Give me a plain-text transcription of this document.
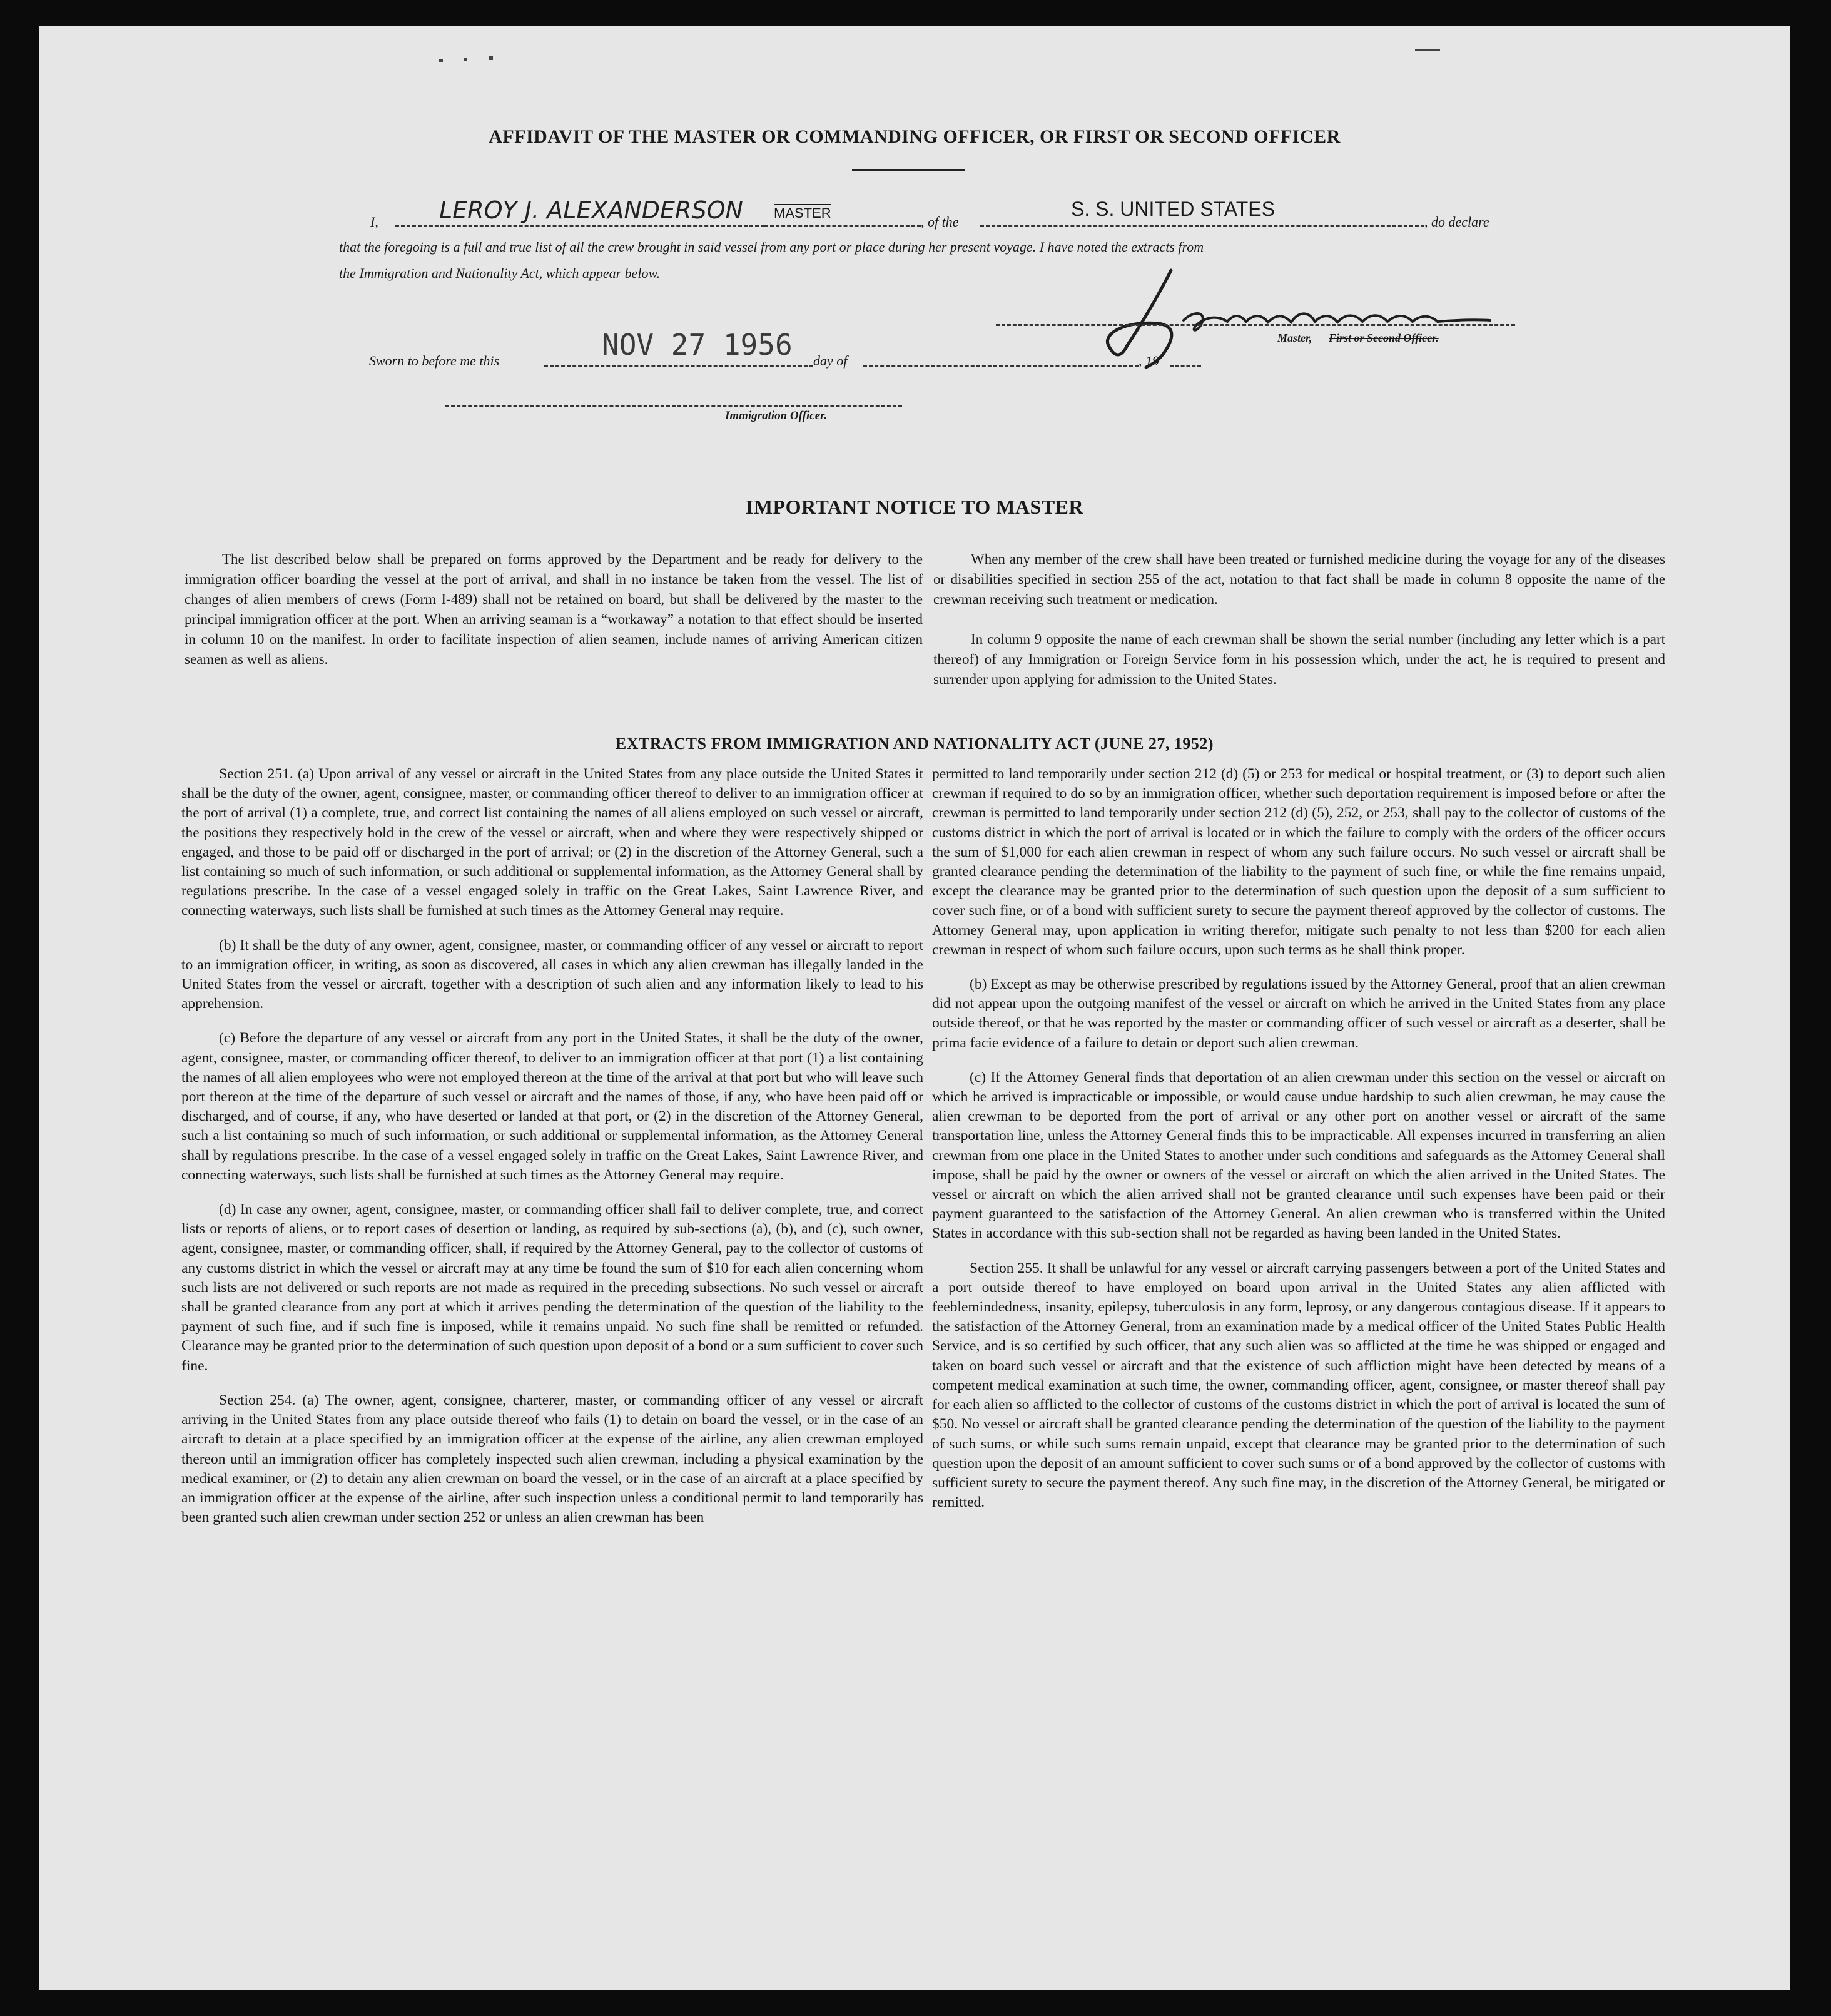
AFFIDAVIT OF THE MASTER OR COMMANDING OFFICER, OR FIRST OR SECOND OFFICER
I,	LEROY J. ALEXANDERSON MASTER
, of the
S. S. UNITED STATES
, do declare
that the foregoing is a full and true list of all the crew brought in said vessel from any port or place during her present voyage. I have noted the extracts from
the Immigration and Nationality Act, which appear below.
Master, First or Second Officer.
Sworn to before me this	NOV 27 1956 day of	, 19
Immigration Officer.
IMPORTANT NOTICE TO MASTER

The list described below shall be prepared on forms approved by the Department and be ready for delivery to the immigration officer boarding the vessel at the port of arrival, and shall in no instance be taken from the vessel. The list of changes of alien members of crews (Form I-489) shall not be retained on board, but shall be delivered by the master to the principal immigration officer at the port. When an arriving seaman is a “workaway” a notation to that effect should be inserted in column 10 on the manifest. In order to facilitate inspection of alien seamen, include names of arriving American citizen seamen as well as aliens.

When any member of the crew shall have been treated or furnished medicine during the voyage for any of the diseases or disabilities specified in section 255 of the act, notation to that fact shall be made in column 8 opposite the name of the crewman receiving such treatment or medication.

In column 9 opposite the name of each crewman shall be shown the serial number (including any letter which is a part thereof) of any Immigration or Foreign Service form in his possession which, under the act, he is required to present and surrender upon applying for admission to the United States.

EXTRACTS FROM IMMIGRATION AND NATIONALITY ACT (JUNE 27, 1952)

Section 251. (a) Upon arrival of any vessel or aircraft in the United States from any place outside the United States it shall be the duty of the owner, agent, consignee, master, or commanding officer thereof to deliver to an immigration officer at the port of arrival (1) a complete, true, and correct list containing the names of all aliens employed on such vessel or aircraft, the positions they respectively hold in the crew of the vessel or aircraft, when and where they were respectively shipped or engaged, and those to be paid off or discharged in the port of arrival; or (2) in the discretion of the Attorney General, such a list containing so much of such information, or such additional or supplemental information, as the Attorney General shall by regulations prescribe. In the case of a vessel engaged solely in traffic on the Great Lakes, Saint Lawrence River, and connecting waterways, such lists shall be furnished at such times as the Attorney General may require.

(b) It shall be the duty of any owner, agent, consignee, master, or commanding officer of any vessel or aircraft to report to an immigration officer, in writing, as soon as discovered, all cases in which any alien crewman has illegally landed in the United States from the vessel or aircraft, together with a description of such alien and any information likely to lead to his apprehension.

(c) Before the departure of any vessel or aircraft from any port in the United States, it shall be the duty of the owner, agent, consignee, master, or commanding officer thereof, to deliver to an immigration officer at that port (1) a list containing the names of all alien employees who were not employed thereon at the time of the arrival at that port but who will leave such port thereon at the time of the departure of such vessel or aircraft and the names of those, if any, who have been paid off or discharged, and of course, if any, who have deserted or landed at that port, or (2) in the discretion of the Attorney General, such a list containing so much of such information, or such additional or supplemental information, as the Attorney General shall by regulations prescribe. In the case of a vessel engaged solely in traffic on the Great Lakes, Saint Lawrence River, and connecting waterways, such lists shall be furnished at such times as the Attorney General may require.

(d) In case any owner, agent, consignee, master, or commanding officer shall fail to deliver complete, true, and correct lists or reports of aliens, or to report cases of desertion or landing, as required by sub-sections (a), (b), and (c), such owner, agent, consignee, master, or commanding officer, shall, if required by the Attorney General, pay to the collector of customs of any customs district in which the vessel or aircraft may at any time be found the sum of $10 for each alien concerning whom such lists are not delivered or such reports are not made as required in the preceding subsections. No such vessel or aircraft shall be granted clearance from any port at which it arrives pending the determination of the question of the liability to the payment of such fine, and if such fine is imposed, while it remains unpaid. No such fine shall be remitted or refunded. Clearance may be granted prior to the determination of such question upon deposit of a bond or a sum sufficient to cover such fine.

Section 254. (a) The owner, agent, consignee, charterer, master, or commanding officer of any vessel or aircraft arriving in the United States from any place outside thereof who fails (1) to detain on board the vessel, or in the case of an aircraft to detain at a place specified by an immigration officer at the expense of the airline, any alien crewman employed thereon until an immigration officer has completely inspected such alien crewman, including a physical examination by the medical examiner, or (2) to detain any alien crewman on board the vessel, or in the case of an aircraft at a place specified by an immigration officer at the expense of the airline, after such inspection unless a conditional permit to land temporarily has been granted such alien crewman under section 252 or unless an alien crewman has been

permitted to land temporarily under section 212 (d) (5) or 253 for medical or hospital treatment, or (3) to deport such alien crewman if required to do so by an immigration officer, whether such deportation requirement is imposed before or after the crewman is permitted to land temporarily under section 212 (d) (5), 252, or 253, shall pay to the collector of customs of the customs district in which the port of arrival is located or in which the failure to comply with the orders of the officer occurs the sum of $1,000 for each alien crewman in respect of whom any such failure occurs. No such vessel or aircraft shall be granted clearance pending the determination of the liability to the payment of such fine, or while the fine remains unpaid, except the clearance may be granted prior to the determination of such question upon the deposit of a sum sufficient to cover such fine, or of a bond with sufficient surety to secure the payment thereof approved by the collector of customs. The Attorney General may, upon application in writing therefor, mitigate such penalty to not less than $200 for each alien crewman in respect of whom such failure occurs, upon such terms as he shall think proper.

(b) Except as may be otherwise prescribed by regulations issued by the Attorney General, proof that an alien crewman did not appear upon the outgoing manifest of the vessel or aircraft on which he arrived in the United States from any place outside thereof, or that he was reported by the master or commanding officer of such vessel or aircraft as a deserter, shall be prima facie evidence of a failure to detain or deport such alien crewman.

(c) If the Attorney General finds that deportation of an alien crewman under this section on the vessel or aircraft on which he arrived is impracticable or impossible, or would cause undue hardship to such alien crewman, he may cause the alien crewman to be deported from the port of arrival or any other port on another vessel or aircraft of the same transportation line, unless the Attorney General finds this to be impracticable. All expenses incurred in transferring an alien crewman from one place in the United States to another under such conditions and safeguards as the Attorney General shall impose, shall be paid by the owner or owners of the vessel or aircraft on which the alien arrived in the United States. The vessel or aircraft on which the alien arrived shall not be granted clearance until such expenses have been paid or their payment guaranteed to the satisfaction of the Attorney General. An alien crewman who is transferred within the United States in accordance with this sub-section shall not be regarded as having been landed in the United States.

Section 255. It shall be unlawful for any vessel or aircraft carrying passengers between a port of the United States and a port outside thereof to have employed on board upon arrival in the United States any alien afflicted with feeblemindedness, insanity, epilepsy, tuberculosis in any form, leprosy, or any dangerous contagious disease. If it appears to the satisfaction of the Attorney General, from an examination made by a medical officer of the United States Public Health Service, and is so certified by such officer, that any such alien was so afflicted at the time he was shipped or engaged and taken on board such vessel or aircraft and that the existence of such affliction might have been detected by means of a competent medical examination at such time, the owner, commanding officer, agent, consignee, or master thereof shall pay for each alien so afflicted to the collector of customs of the customs district in which the port of arrival is located the sum of $50. No vessel or aircraft shall be granted clearance pending the determination of the question of the liability to the payment of such sums, or while such sums remain unpaid, except that clearance may be granted prior to the determination of such question upon the deposit of an amount sufficient to cover such sums or of a bond approved by the collector of customs with sufficient surety to secure the payment thereof. Any such fine may, in the discretion of the Attorney General, be mitigated or remitted.
